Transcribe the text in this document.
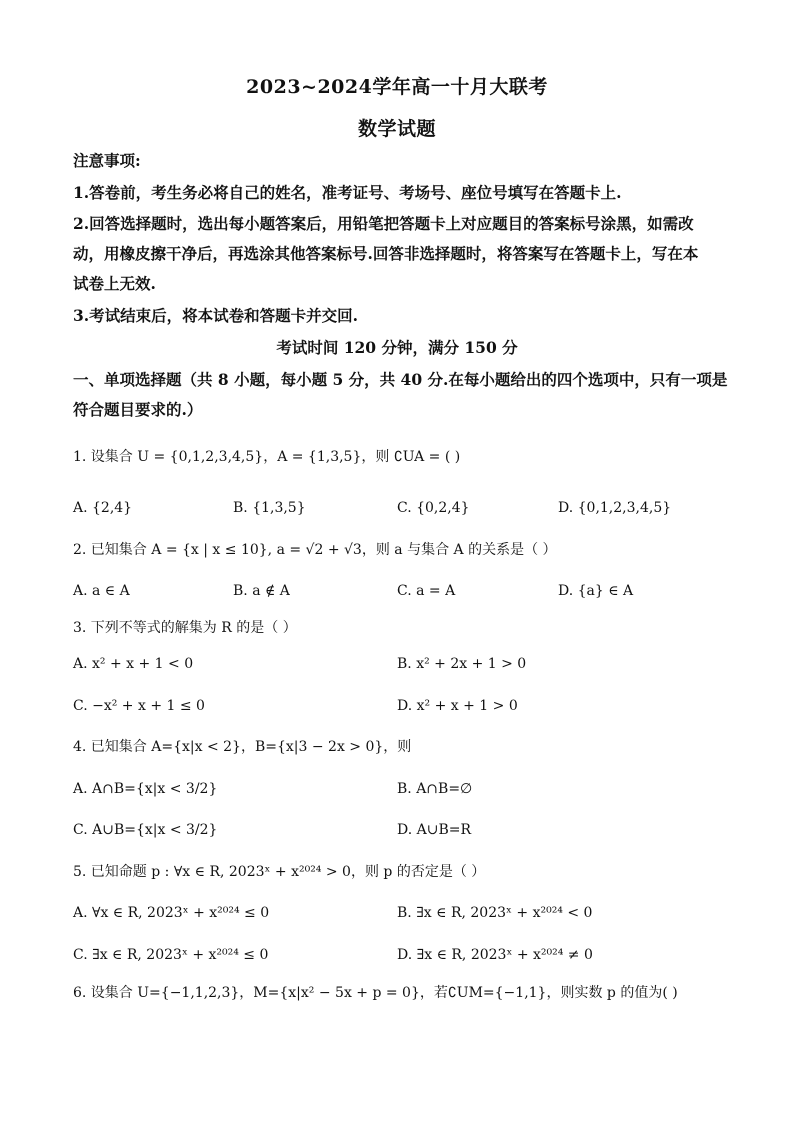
2023~2024学年高一十月大联考
数学试题
注意事项:
1.答卷前，考生务必将自己的姓名，准考证号、考场号、座位号填写在答题卡上.
2.回答选择题时，选出每小题答案后，用铅笔把答题卡上对应题目的答案标号涂黑，如需改
动，用橡皮擦干净后，再选涂其他答案标号.回答非选择题时，将答案写在答题卡上，写在本
试卷上无效.
3.考试结束后，将本试卷和答题卡并交回.
考试时间 120 分钟，满分 150 分
一、单项选择题（共 8 小题，每小题 5 分，共 40 分.在每小题给出的四个选项中，只有一项是
符合题目要求的.）
1. 设集合 U = {0,1,2,3,4,5}，A = {1,3,5}，则 ∁UA = ( )
A. {2,4}	B. {1,3,5}	C. {0,2,4}	D. {0,1,2,3,4,5}
2. 已知集合 A = {x | x ≤ 10}, a = √2 + √3，则 a 与集合 A 的关系是（ ）
A. a ∈ A	B. a ∉ A	C. a = A	D. {a} ∈ A
3. 下列不等式的解集为 R 的是（ ）
A. x² + x + 1 < 0	B. x² + 2x + 1 > 0
C. −x² + x + 1 ≤ 0	D. x² + x + 1 > 0
4. 已知集合 A={x|x < 2}，B={x|3 − 2x > 0}，则
A. A∩B={x|x < 3/2}	B. A∩B=∅
C. A∪B={x|x < 3/2}	D. A∪B=R
5. 已知命题 p : ∀x ∈ R, 2023ˣ + x²⁰²⁴ > 0，则 p 的否定是（ ）
A. ∀x ∈ R, 2023ˣ + x²⁰²⁴ ≤ 0	B. ∃x ∈ R, 2023ˣ + x²⁰²⁴ < 0
C. ∃x ∈ R, 2023ˣ + x²⁰²⁴ ≤ 0	D. ∃x ∈ R, 2023ˣ + x²⁰²⁴ ≠ 0
6. 设集合 U={−1,1,2,3}，M={x|x² − 5x + p = 0}，若∁UM={−1,1}，则实数 p 的值为( )
